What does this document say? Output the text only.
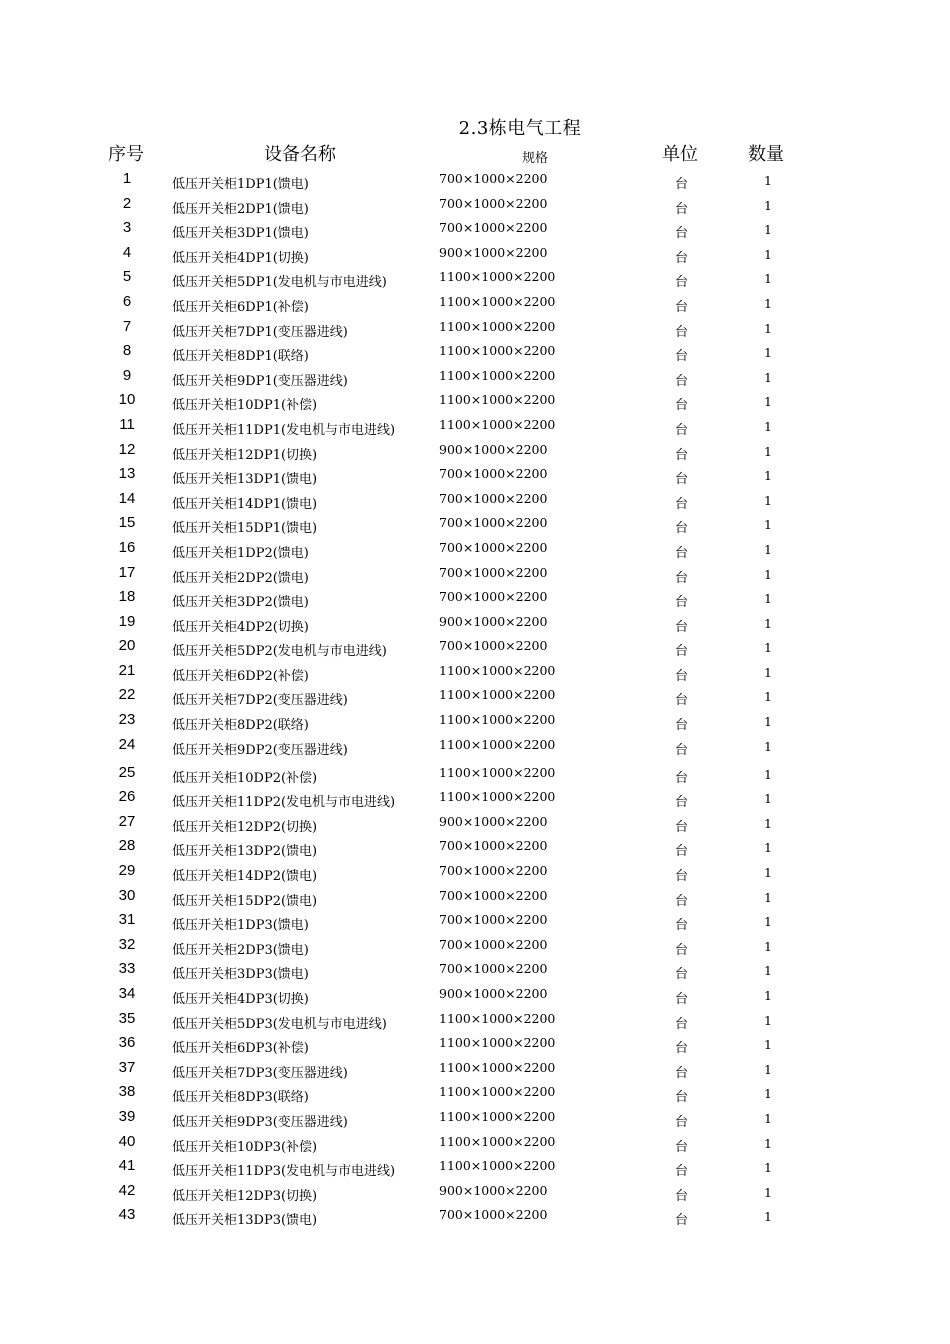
2.3栋电气工程
序号	设备名称	规格	单位	数量
1	低压开关柜1DP1(馈电)	700×1000×2200	台	1
2	低压开关柜2DP1(馈电)	700×1000×2200	台	1
3	低压开关柜3DP1(馈电)	700×1000×2200	台	1
4	低压开关柜4DP1(切换)	900×1000×2200	台	1
5	低压开关柜5DP1(发电机与市电进线)	1100×1000×2200	台	1
6	低压开关柜6DP1(补偿)	1100×1000×2200	台	1
7	低压开关柜7DP1(变压器进线)	1100×1000×2200	台	1
8	低压开关柜8DP1(联络)	1100×1000×2200	台	1
9	低压开关柜9DP1(变压器进线)	1100×1000×2200	台	1
10	低压开关柜10DP1(补偿)	1100×1000×2200	台	1
11	低压开关柜11DP1(发电机与市电进线)	1100×1000×2200	台	1
12	低压开关柜12DP1(切换)	900×1000×2200	台	1
13	低压开关柜13DP1(馈电)	700×1000×2200	台	1
14	低压开关柜14DP1(馈电)	700×1000×2200	台	1
15	低压开关柜15DP1(馈电)	700×1000×2200	台	1
16	低压开关柜1DP2(馈电)	700×1000×2200	台	1
17	低压开关柜2DP2(馈电)	700×1000×2200	台	1
18	低压开关柜3DP2(馈电)	700×1000×2200	台	1
19	低压开关柜4DP2(切换)	900×1000×2200	台	1
20	低压开关柜5DP2(发电机与市电进线)	700×1000×2200	台	1
21	低压开关柜6DP2(补偿)	1100×1000×2200	台	1
22	低压开关柜7DP2(变压器进线)	1100×1000×2200	台	1
23	低压开关柜8DP2(联络)	1100×1000×2200	台	1
24	低压开关柜9DP2(变压器进线)	1100×1000×2200	台	1
25	低压开关柜10DP2(补偿)	1100×1000×2200	台	1
26	低压开关柜11DP2(发电机与市电进线)	1100×1000×2200	台	1
27	低压开关柜12DP2(切换)	900×1000×2200	台	1
28	低压开关柜13DP2(馈电)	700×1000×2200	台	1
29	低压开关柜14DP2(馈电)	700×1000×2200	台	1
30	低压开关柜15DP2(馈电)	700×1000×2200	台	1
31	低压开关柜1DP3(馈电)	700×1000×2200	台	1
32	低压开关柜2DP3(馈电)	700×1000×2200	台	1
33	低压开关柜3DP3(馈电)	700×1000×2200	台	1
34	低压开关柜4DP3(切换)	900×1000×2200	台	1
35	低压开关柜5DP3(发电机与市电进线)	1100×1000×2200	台	1
36	低压开关柜6DP3(补偿)	1100×1000×2200	台	1
37	低压开关柜7DP3(变压器进线)	1100×1000×2200	台	1
38	低压开关柜8DP3(联络)	1100×1000×2200	台	1
39	低压开关柜9DP3(变压器进线)	1100×1000×2200	台	1
40	低压开关柜10DP3(补偿)	1100×1000×2200	台	1
41	低压开关柜11DP3(发电机与市电进线)	1100×1000×2200	台	1
42	低压开关柜12DP3(切换)	900×1000×2200	台	1
43	低压开关柜13DP3(馈电)	700×1000×2200	台	1
